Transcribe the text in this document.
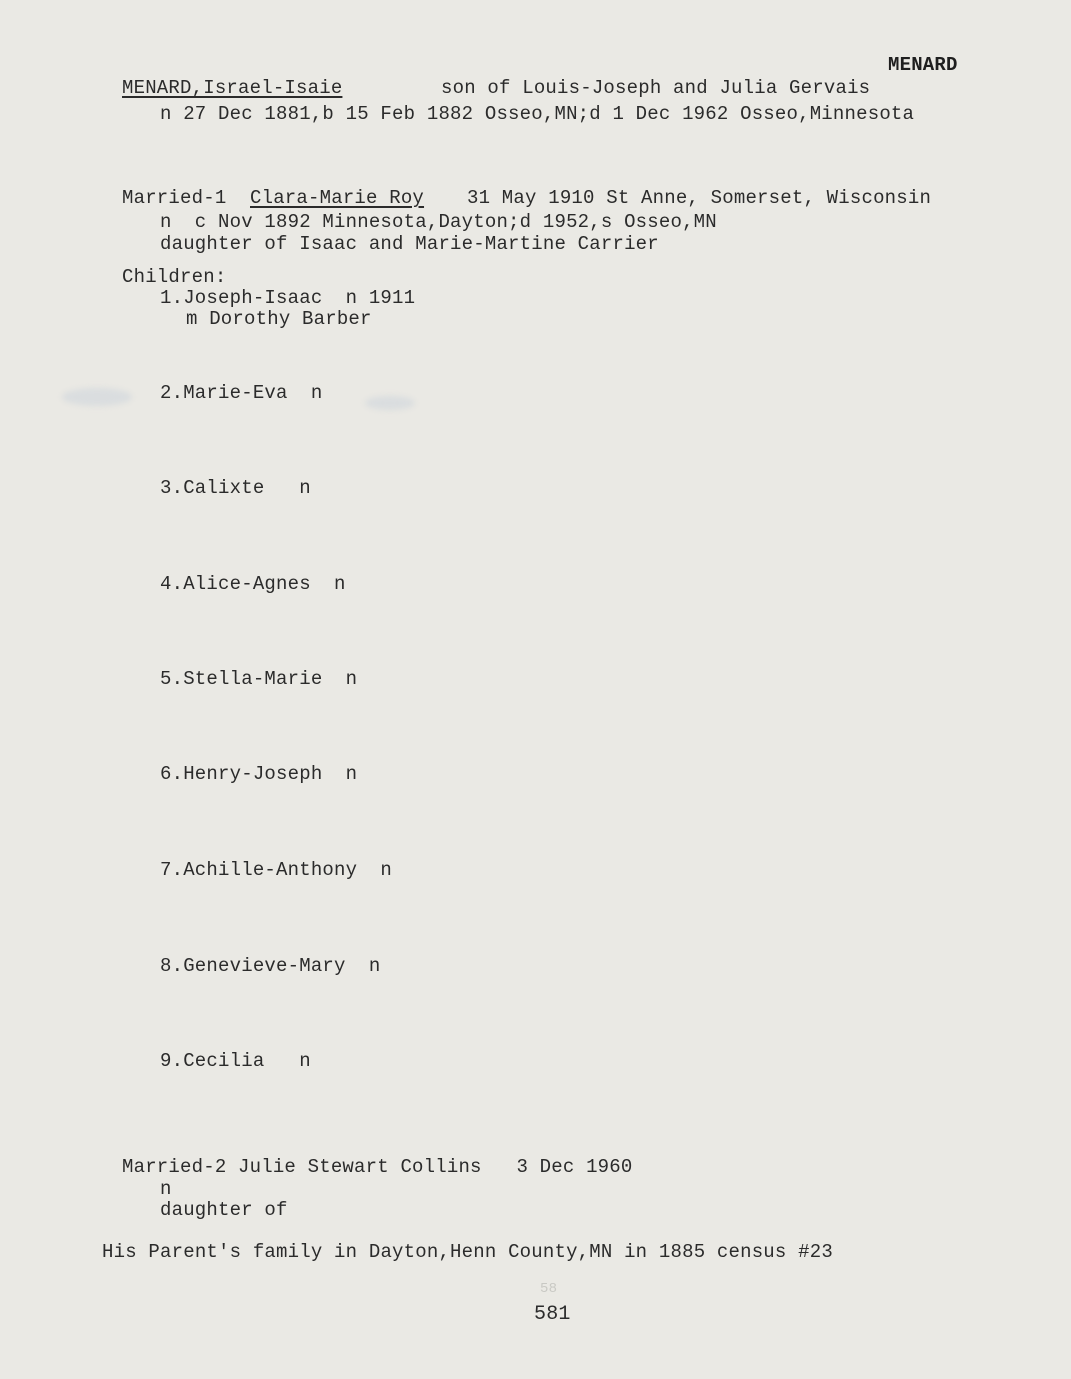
MENARD
MENARD,Israel-Isaie	son of Louis-Joseph and Julia Gervais
n 27 Dec 1881,b 15 Feb 1882 Osseo,MN;d 1 Dec 1962 Osseo,Minnesota
Married-1 Clara-Marie Roy 31 May 1910 St Anne, Somerset, Wisconsin
n  c Nov 1892 Minnesota,Dayton;d 1952,s Osseo,MN
daughter of Isaac and Marie-Martine Carrier
Children:
1.Joseph-Isaac  n 1911
m Dorothy Barber
2.Marie-Eva  n
3.Calixte   n
4.Alice-Agnes  n
5.Stella-Marie  n
6.Henry-Joseph  n
7.Achille-Anthony  n
8.Genevieve-Mary  n
9.Cecilia   n
Married-2 Julie Stewart Collins   3 Dec 1960
n
daughter of
His Parent's family in Dayton,Henn County,MN in 1885 census #23
58
581
